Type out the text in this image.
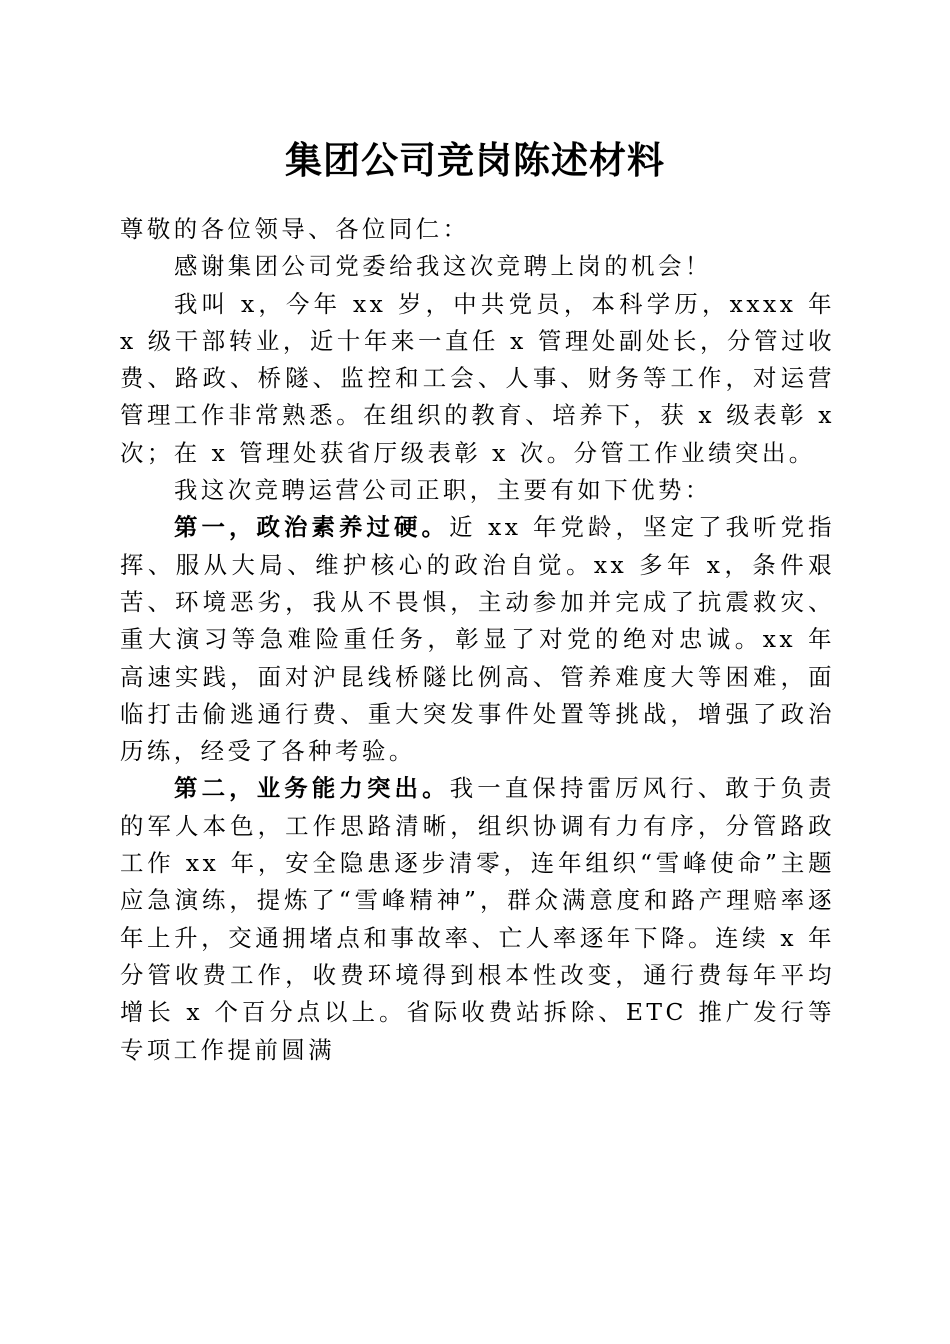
集团公司竞岗陈述材料

尊敬的各位领导、各位同仁：

感谢集团公司党委给我这次竞聘上岗的机会！

我叫 x，今年 xx 岁，中共党员，本科学历，xxxx 年 x 级干部转业，近十年来一直任 x 管理处副处长，分管过收费、路政、桥隧、监控和工会、人事、财务等工作，对运营管理工作非常熟悉。在组织的教育、培养下，获 x 级表彰 x 次；在 x 管理处获省厅级表彰 x 次。分管工作业绩突出。

我这次竞聘运营公司正职，主要有如下优势：

第一，政治素养过硬。近 xx 年党龄，坚定了我听党指挥、服从大局、维护核心的政治自觉。xx 多年 x，条件艰苦、环境恶劣，我从不畏惧，主动参加并完成了抗震救灾、重大演习等急难险重任务，彰显了对党的绝对忠诚。xx 年高速实践，面对沪昆线桥隧比例高、管养难度大等困难，面临打击偷逃通行费、重大突发事件处置等挑战，增强了政治历练，经受了各种考验。

第二，业务能力突出。我一直保持雷厉风行、敢于负责的军人本色，工作思路清晰，组织协调有力有序，分管路政工作 xx 年，安全隐患逐步清零，连年组织“雪峰使命”主题应急演练，提炼了“雪峰精神”，群众满意度和路产理赔率逐年上升，交通拥堵点和事故率、亡人率逐年下降。连续 x 年分管收费工作，收费环境得到根本性改变，通行费每年平均增长 x 个百分点以上。省际收费站拆除、ETC 推广发行等专项工作提前圆满
